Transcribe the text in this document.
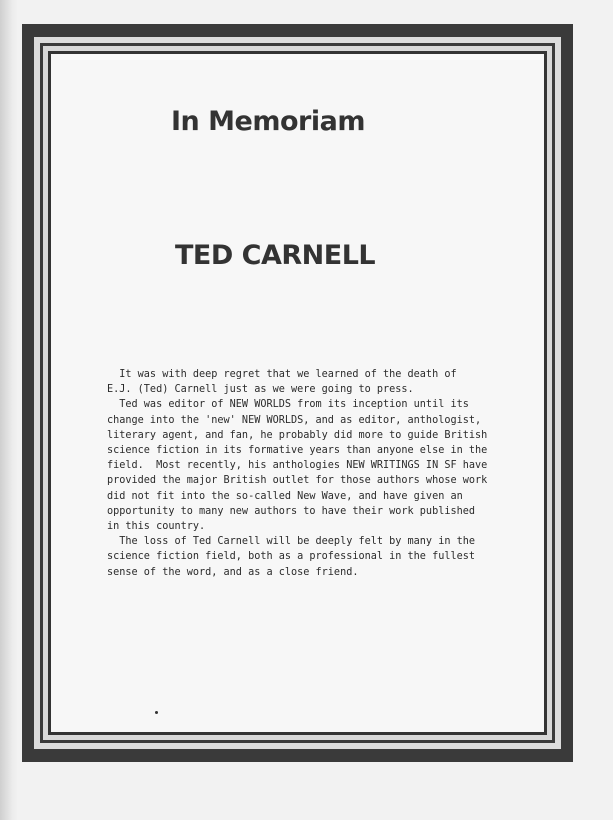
In Memoriam
TED CARNELL
It was with deep regret that we learned of the death of
E.J. (Ted) Carnell just as we were going to press.
Ted was editor of NEW WORLDS from its inception until its
change into the 'new' NEW WORLDS, and as editor, anthologist,
literary agent, and fan, he probably did more to guide British
science fiction in its formative years than anyone else in the
field.  Most recently, his anthologies NEW WRITINGS IN SF have
provided the major British outlet for those authors whose work
did not fit into the so-called New Wave, and have given an
opportunity to many new authors to have their work published
in this country.
The loss of Ted Carnell will be deeply felt by many in the
science fiction field, both as a professional in the fullest
sense of the word, and as a close friend.
